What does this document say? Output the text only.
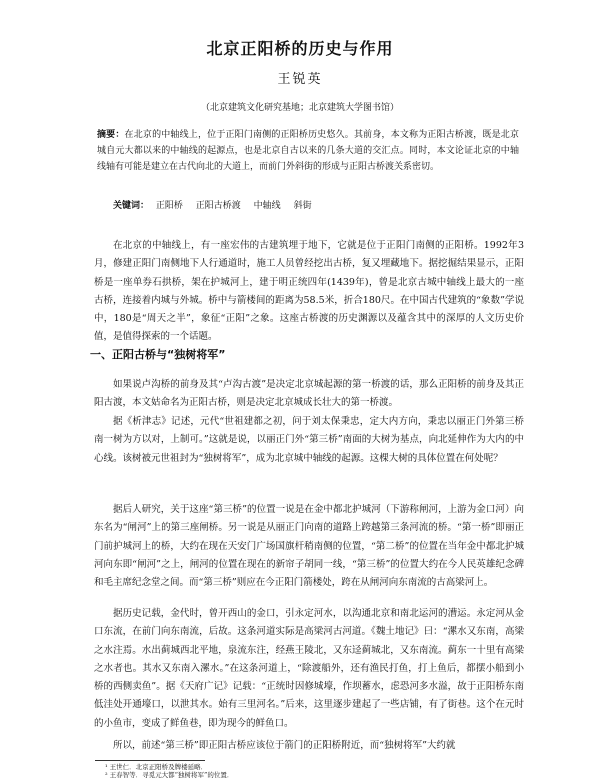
北京正阳桥的历史与作用
王锐英
（北京建筑文化研究基地；北京建筑大学图书馆）
摘要：在北京的中轴线上，位于正阳门南侧的正阳桥历史悠久。其前身，本文称为正阳古桥渡，既是北京城自元大都以来的中轴线的起源点，也是北京自古以来的几条大道的交汇点。同时，本文论证北京的中轴线轴有可能是建立在古代向北的大道上，而前门外斜街的形成与正阳古桥渡关系密切。
关键词： 正阳桥 正阳古桥渡 中轴线 斜街
在北京的中轴线上，有一座宏伟的古建筑埋于地下，它就是位于正阳门南侧的正阳桥。1992年3月，修建正阳门南侧地下人行通道时，施工人员曾经挖出古桥，复又埋藏地下。据挖掘结果显示，正阳桥是一座单券石拱桥，架在护城河上，建于明正统四年(1439年)，曾是北京古城中轴线上最大的一座古桥，连接着内城与外城。桥中与箭楼间的距离为58.5米，折合180尺。在中国古代建筑的“象数”学说中，180是“周天之半”，象征“正阳”之象。这座古桥渡的历史渊源以及蕴含其中的深厚的人文历史价值，是值得探索的一个话题。
一、正阳古桥与“独树将军”
如果说卢沟桥的前身及其“卢沟古渡”是决定北京城起源的第一桥渡的话，那么正阳桥的前身及其正阳古渡，本文姑命名为正阳古桥，则是决定北京城成长壮大的第一桥渡。
据《析津志》记述，元代“世祖建都之初，问于刘太保秉忠，定大内方向，秉忠以丽正门外第三桥南一树为方以对，上制可。”这就是说，以丽正门外“第三桥”南面的大树为基点，向北延伸作为大内的中心线。该树被元世祖封为“独树将军”，成为北京城中轴线的起源。这棵大树的具体位置在何处呢？
据后人研究，关于这座“第三桥”的位置一说是在金中都北护城河（下游称闸河，上游为金口河）向东名为“闸河”上的第三座闸桥。另一说是从丽正门向南的道路上跨越第三条河流的桥。“第一桥”即丽正门前护城河上的桥，大约在现在天安门广场国旗杆稍南侧的位置，“第二桥”的位置在当年金中都北护城河向东即“闸河”之上，闸河的位置在现在的新帘子胡同一线，“第三桥”的位置大约在今人民英雄纪念碑和毛主席纪念堂之间。而“第三桥”则应在今正阳门箭楼处，跨在从闸河向东南流的古高梁河上。
据历史记载，金代时，曾开西山的金口，引永定河水，以沟通北京和南北运河的漕运。永定河从金口东流，在前门向东南流，后故。这条河道实际是高梁河古河道。《魏土地记》曰：“漯水又东南，高梁之水注焉。水出蓟城西北平地，泉流东注，经燕王陵北，又东迳蓟城北，又东南流。蓟东一十里有高梁之水者也。其水又东南入漯水。”在这条河道上，“除渡船外，还有渔民打鱼，打上鱼后，都摆小船到小桥的西侧卖鱼”。据《天府广记》记载：“正统时因修城壕，作坝蓄水，虑恐河多水溢，故于正阳桥东南低洼处开通壕口，以泄其水。始有三里河名。”后来，这里逐步建起了一些店铺，有了街巷。这个在元时的小鱼市，变成了鲜鱼巷，即为现今的鲜鱼口。
所以，前述“第三桥”即正阳古桥应该位于箭门的正阳桥附近，而“独树将军”大约就
¹ 王世仁．北京正阳桥及牌楼延略．
² 王春智等．寻觅元大都“独树将军”的位置．
